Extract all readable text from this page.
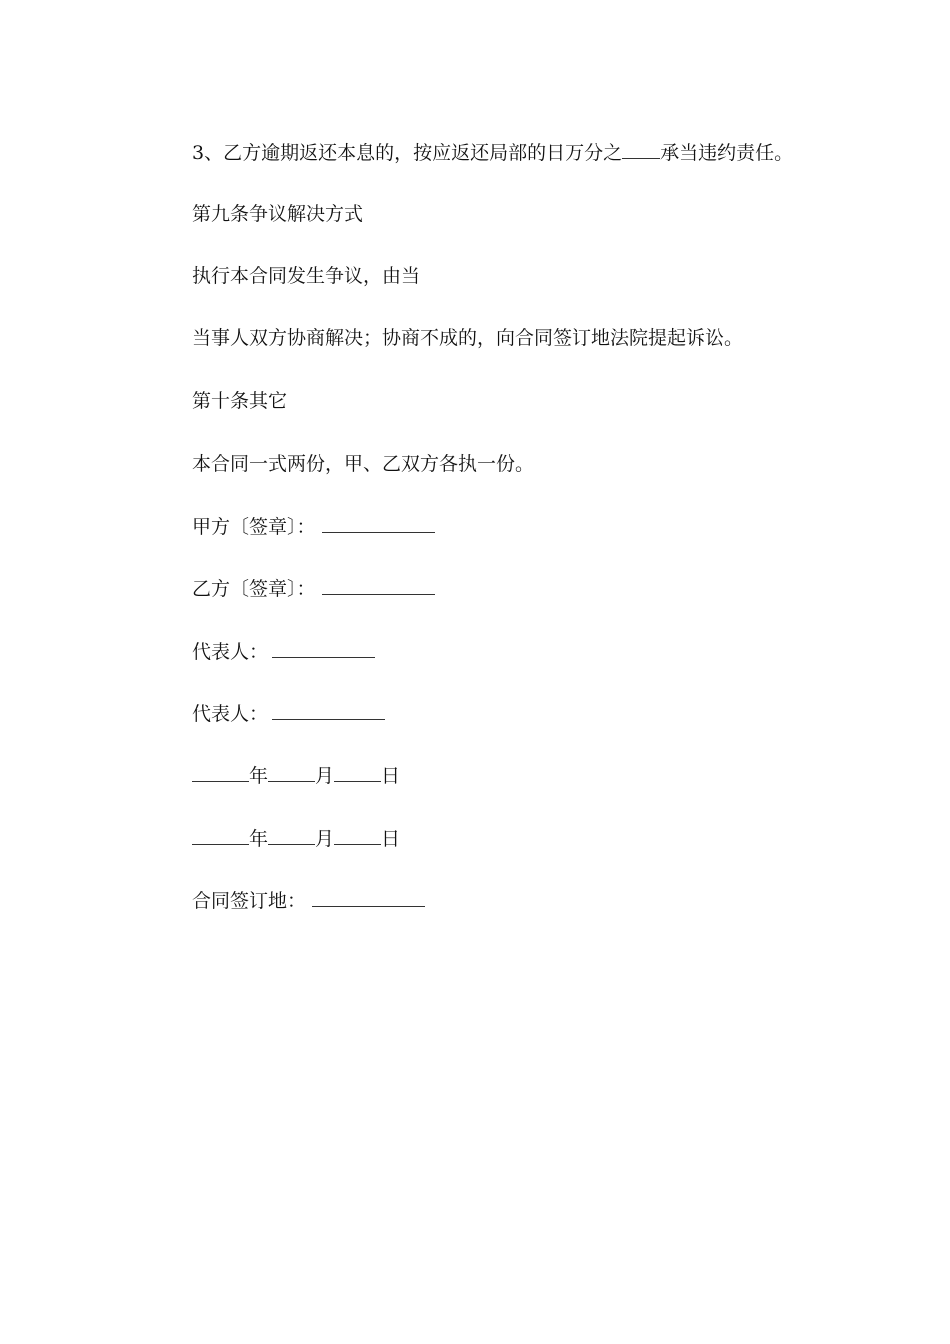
3、乙方逾期返还本息的，按应返还局部的日万分之 承当违约责任。
第九条争议解决方式
执行本合同发生争议，由当
当事人双方协商解决；协商不成的，向合同签订地法院提起诉讼。
第十条其它
本合同一式两份，甲、乙双方各执一份。
甲方〔签章〕：
乙方〔签章〕：
代表人：
代表人：
年 月 日
年 月 日
合同签订地：
